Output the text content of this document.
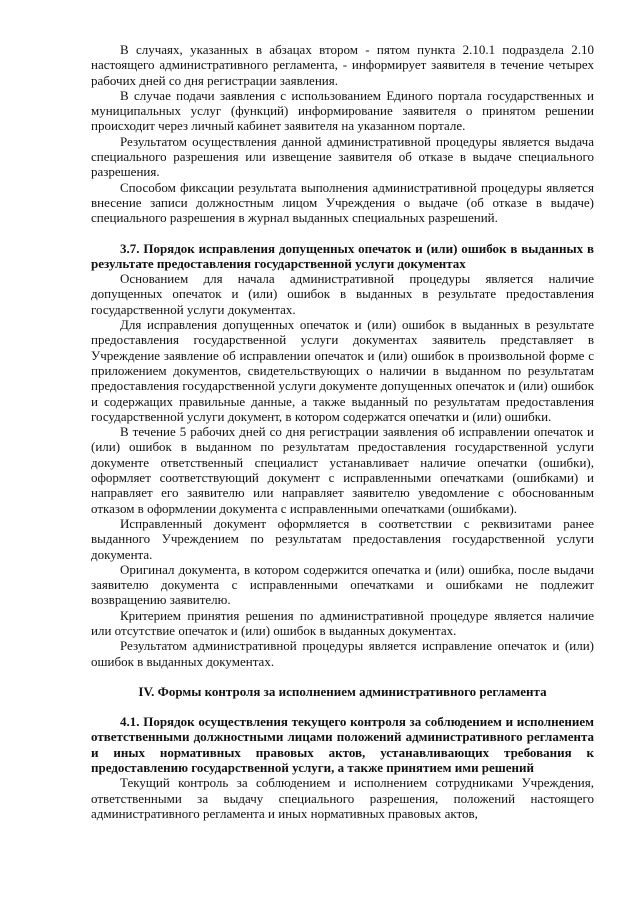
В случаях, указанных в абзацах втором - пятом пункта 2.10.1 подраздела 2.10 настоящего административного регламента, - информирует заявителя в течение четырех рабочих дней со дня регистрации заявления.

В случае подачи заявления с использованием Единого портала государственных и муниципальных услуг (функций) информирование заявителя о принятом решении происходит через личный кабинет заявителя на указанном портале.

Результатом осуществления данной административной процедуры является выдача специального разрешения или извещение заявителя об отказе в выдаче специального разрешения.

Способом фиксации результата выполнения административной процедуры является внесение записи должностным лицом Учреждения о выдаче (об отказе в выдаче) специального разрешения в журнал выданных специальных разрешений.

3.7. Порядок исправления допущенных опечаток и (или) ошибок в выданных в результате предоставления государственной услуги документах

Основанием для начала административной процедуры является наличие допущенных опечаток и (или) ошибок в выданных в результате предоставления государственной услуги документах.

Для исправления допущенных опечаток и (или) ошибок в выданных в результате предоставления государственной услуги документах заявитель представляет в Учреждение заявление об исправлении опечаток и (или) ошибок в произвольной форме с приложением документов, свидетельствующих о наличии в выданном по результатам предоставления государственной услуги документе допущенных опечаток и (или) ошибок и содержащих правильные данные, а также выданный по результатам предоставления государственной услуги документ, в котором содержатся опечатки и (или) ошибки.

В течение 5 рабочих дней со дня регистрации заявления об исправлении опечаток и (или) ошибок в выданном по результатам предоставления государственной услуги документе ответственный специалист устанавливает наличие опечатки (ошибки), оформляет соответствующий документ с исправленными опечатками (ошибками) и направляет его заявителю или направляет заявителю уведомление с обоснованным отказом в оформлении документа с исправленными опечатками (ошибками).

Исправленный документ оформляется в соответствии с реквизитами ранее выданного Учреждением по результатам предоставления государственной услуги документа.

Оригинал документа, в котором содержится опечатка и (или) ошибка, после выдачи заявителю документа с исправленными опечатками и ошибками не подлежит возвращению заявителю.

Критерием принятия решения по административной процедуре является наличие или отсутствие опечаток и (или) ошибок в выданных документах.

Результатом административной процедуры является исправление опечаток и (или) ошибок в выданных документах.

IV. Формы контроля за исполнением административного регламента

4.1. Порядок осуществления текущего контроля за соблюдением и исполнением ответственными должностными лицами положений административного регламента и иных нормативных правовых актов, устанавливающих требования к предоставлению государственной услуги, а также принятием ими решений

Текущий контроль за соблюдением и исполнением сотрудниками Учреждения, ответственными за выдачу специального разрешения, положений настоящего административного регламента и иных нормативных правовых актов,
